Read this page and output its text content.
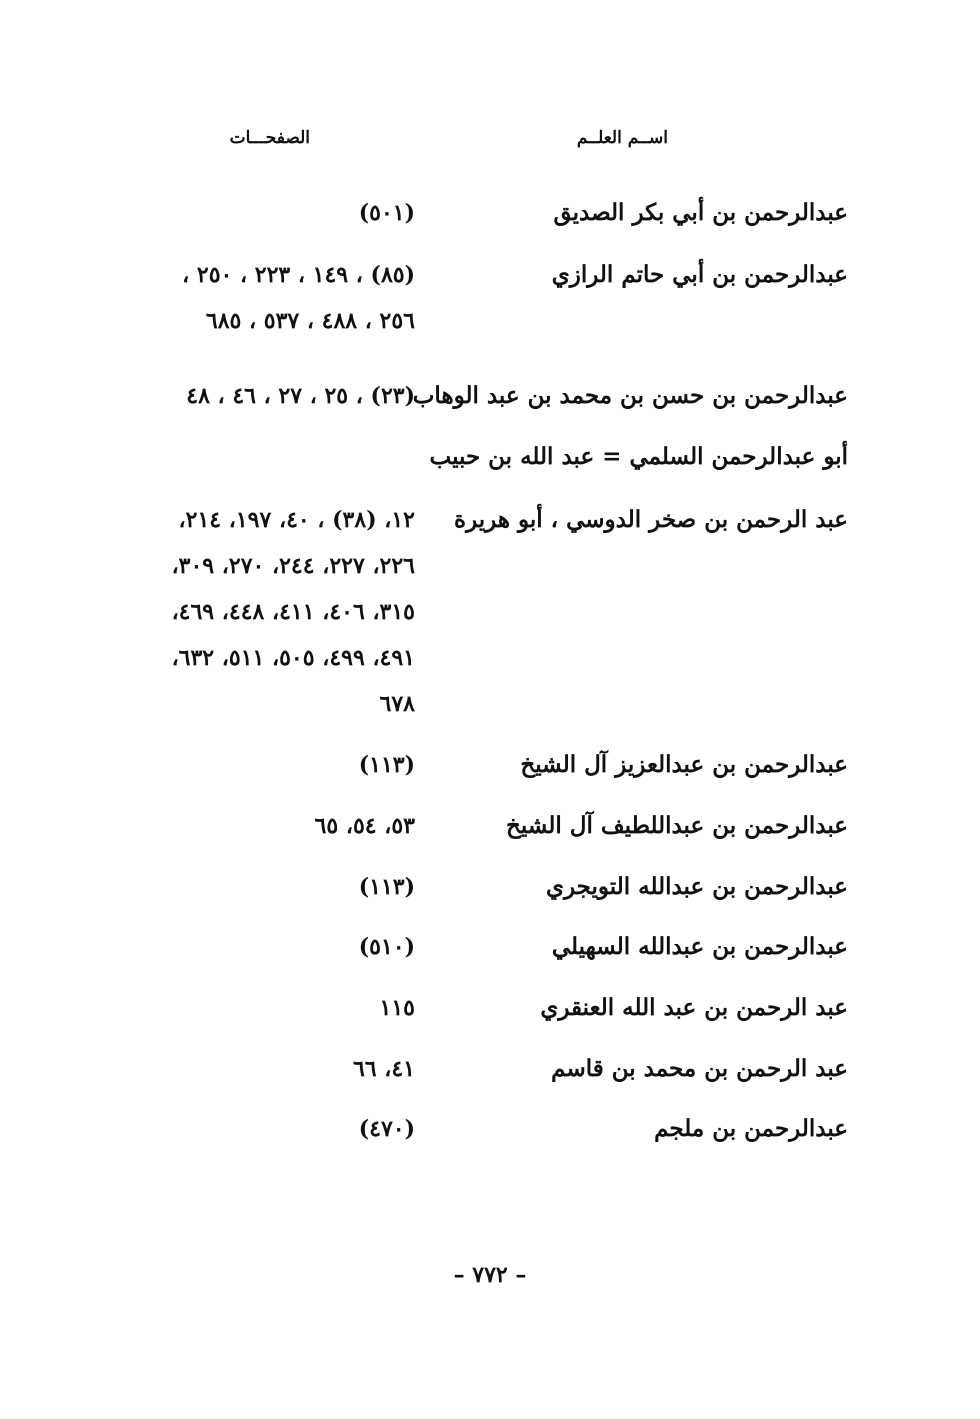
اســم العلــم
الصفحـــات
عبدالرحمن بن أبي بكر الصديق
(٥٠١)
عبدالرحمن بن أبي حاتم الرازي
(٨٥) ، ١٤٩ ، ٢٢٣ ، ٢٥٠ ،
٢٥٦ ، ٤٨٨ ، ٥٣٧ ، ٦٨٥
عبدالرحمن بن حسن بن محمد بن عبد الوهاب
(٢٣) ، ٢٥ ، ٢٧ ، ٤٦ ، ٤٨
أبو عبدالرحمن السلمي = عبد الله بن حبيب
عبد الرحمن بن صخر الدوسي ، أبو هريرة
١٢، (٣٨) ، ٤٠، ١٩٧، ٢١٤،
٢٢٦، ٢٢٧، ٢٤٤، ٢٧٠، ٣٠٩،
٣١٥، ٤٠٦، ٤١١، ٤٤٨، ٤٦٩،
٤٩١، ٤٩٩، ٥٠٥، ٥١١، ٦٣٢،
٦٧٨
عبدالرحمن بن عبدالعزيز آل الشيخ
(١١٣)
عبدالرحمن بن عبداللطيف آل الشيخ
٥٣، ٥٤، ٦٥
عبدالرحمن بن عبدالله التويجري
(١١٣)
عبدالرحمن بن عبدالله السهيلي
(٥١٠)
عبد الرحمن بن عبد الله العنقري
١١٥
عبد الرحمن بن محمد بن قاسم
٤١، ٦٦
عبدالرحمن بن ملجم
(٤٧٠)
– ٧٧٢ –
